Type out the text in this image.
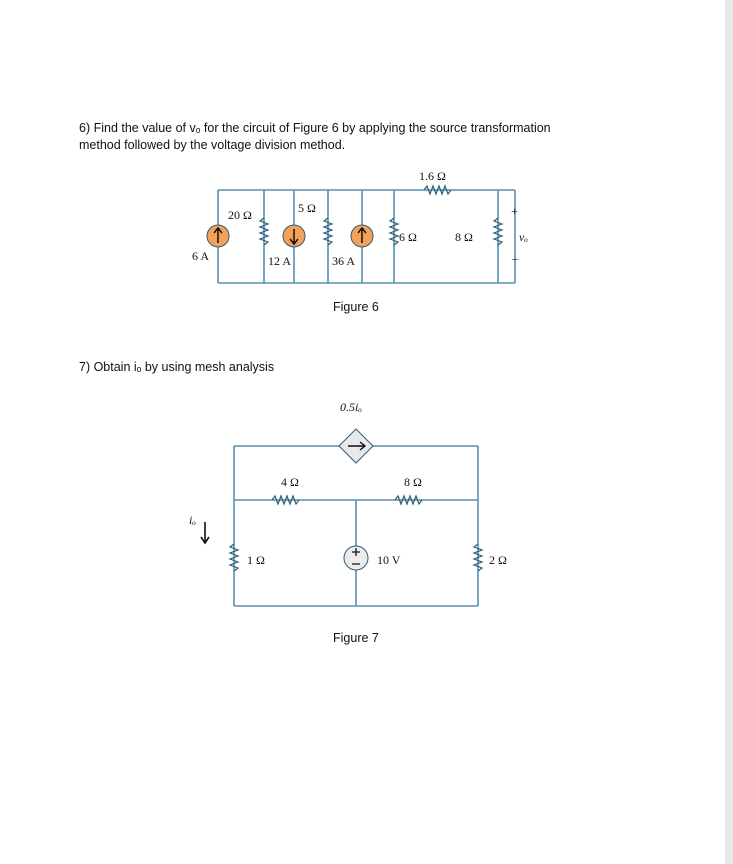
6) Find the value of vₒ for the circuit of Figure 6 by applying the source transformation
method followed by the voltage division method.
1.6 Ω
20 Ω	5 Ω
6 Ω	8 Ω
6 A	12 A	36 A
vₒ
+
–
Figure 6
7) Obtain iₒ by using mesh analysis
0.5iₒ
4 Ω	8 Ω
1 Ω	2 Ω
10 V
iₒ
Figure 7
